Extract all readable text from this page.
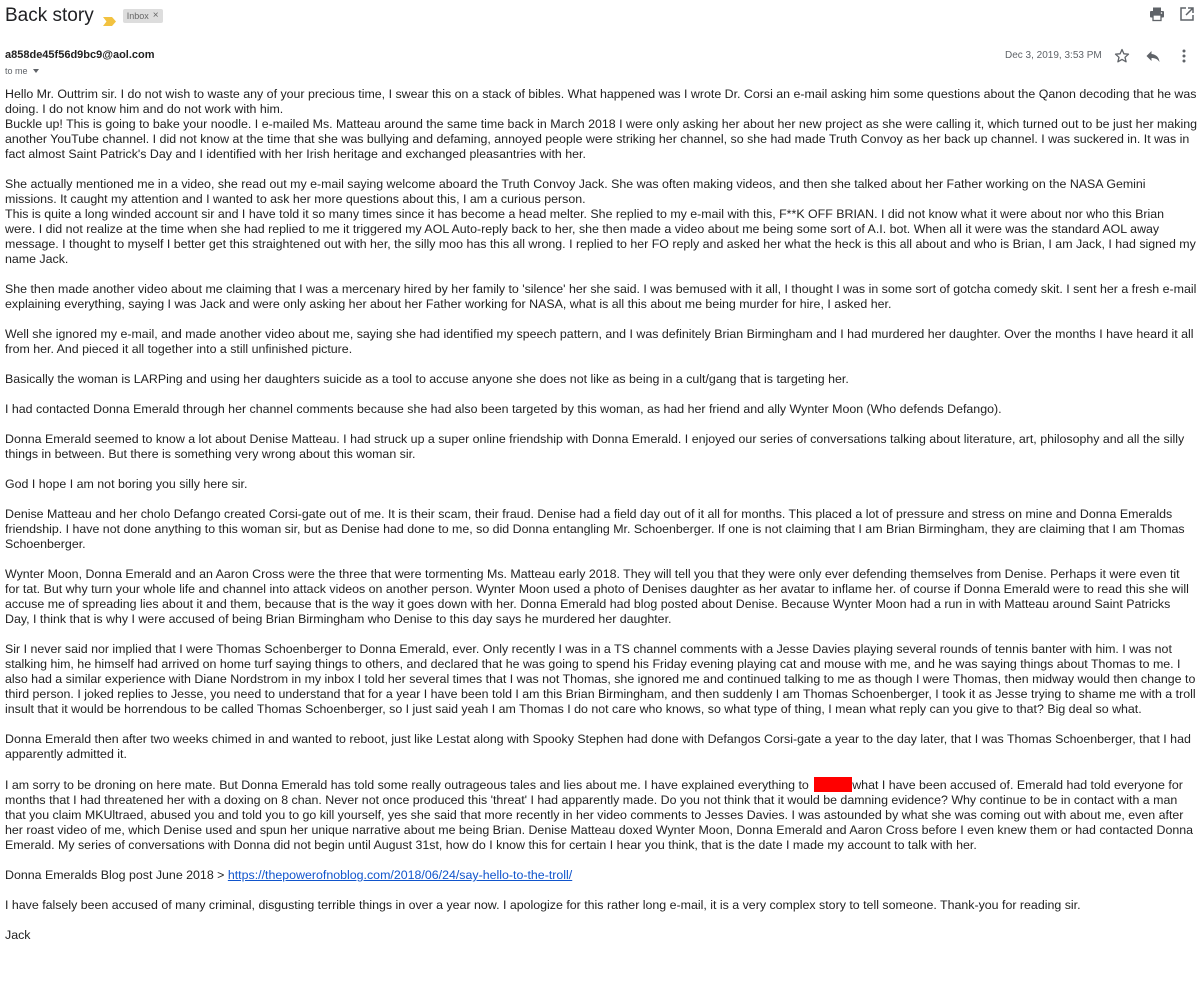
Back story	Inbox ×
a858de45f56d9bc9@aol.com
to me
Dec 3, 2019, 3:53 PM

Hello Mr. Outtrim sir. I do not wish to waste any of your precious time, I swear this on a stack of bibles. What happened was I wrote Dr. Corsi an e-mail asking him some questions about the Qanon decoding that he was doing. I do not know him and do not work with him.

Buckle up! This is going to bake your noodle. I e-mailed Ms. Matteau around the same time back in March 2018 I were only asking her about her new project as she were calling it, which turned out to be just her making another YouTube channel. I did not know at the time that she was bullying and defaming, annoyed people were striking her channel, so she had made Truth Convoy as her back up channel. I was suckered in. It was in fact almost Saint Patrick's Day and I identified with her Irish heritage and exchanged pleasantries with her.

She actually mentioned me in a video, she read out my e-mail saying welcome aboard the Truth Convoy Jack. She was often making videos, and then she talked about her Father working on the NASA Gemini missions. It caught my attention and I wanted to ask her more questions about this, I am a curious person.

This is quite a long winded account sir and I have told it so many times since it has become a head melter. She replied to my e-mail with this, F**K OFF BRIAN. I did not know what it were about nor who this Brian were. I did not realize at the time when she had replied to me it triggered my AOL Auto-reply back to her, she then made a video about me being some sort of A.I. bot. When all it were was the standard AOL away message. I thought to myself I better get this straightened out with her, the silly moo has this all wrong. I replied to her FO reply and asked her what the heck is this all about and who is Brian, I am Jack, I had signed my name Jack.

She then made another video about me claiming that I was a mercenary hired by her family to 'silence' her she said. I was bemused with it all, I thought I was in some sort of gotcha comedy skit. I sent her a fresh e-mail explaining everything, saying I was Jack and were only asking her about her Father working for NASA, what is all this about me being murder for hire, I asked her.

Well she ignored my e-mail, and made another video about me, saying she had identified my speech pattern, and I was definitely Brian Birmingham and I had murdered her daughter. Over the months I have heard it all from her. And pieced it all together into a still unfinished picture.

Basically the woman is LARPing and using her daughters suicide as a tool to accuse anyone she does not like as being in a cult/gang that is targeting her.

I had contacted Donna Emerald through her channel comments because she had also been targeted by this woman, as had her friend and ally Wynter Moon (Who defends Defango).

Donna Emerald seemed to know a lot about Denise Matteau. I had struck up a super online friendship with Donna Emerald. I enjoyed our series of conversations talking about literature, art, philosophy and all the silly things in between. But there is something very wrong about this woman sir.

God I hope I am not boring you silly here sir.

Denise Matteau and her cholo Defango created Corsi-gate out of me. It is their scam, their fraud. Denise had a field day out of it all for months. This placed a lot of pressure and stress on mine and Donna Emeralds friendship. I have not done anything to this woman sir, but as Denise had done to me, so did Donna entangling Mr. Schoenberger. If one is not claiming that I am Brian Birmingham, they are claiming that I am Thomas Schoenberger.

Wynter Moon, Donna Emerald and an Aaron Cross were the three that were tormenting Ms. Matteau early 2018. They will tell you that they were only ever defending themselves from Denise. Perhaps it were even tit for tat. But why turn your whole life and channel into attack videos on another person. Wynter Moon used a photo of Denises daughter as her avatar to inflame her. of course if Donna Emerald were to read this she will accuse me of spreading lies about it and them, because that is the way it goes down with her. Donna Emerald had blog posted about Denise. Because Wynter Moon had a run in with Matteau around Saint Patricks Day, I think that is why I were accused of being Brian Birmingham who Denise to this day says he murdered her daughter.

Sir I never said nor implied that I were Thomas Schoenberger to Donna Emerald, ever. Only recently I was in a TS channel comments with a Jesse Davies playing several rounds of tennis banter with him. I was not stalking him, he himself had arrived on home turf saying things to others, and declared that he was going to spend his Friday evening playing cat and mouse with me, and he was saying things about Thomas to me. I also had a similar experience with Diane Nordstrom in my inbox I told her several times that I was not Thomas, she ignored me and continued talking to me as though I were Thomas, then midway would then change to third person. I joked replies to Jesse, you need to understand that for a year I have been told I am this Brian Birmingham, and then suddenly I am Thomas Schoenberger, I took it as Jesse trying to shame me with a troll insult that it would be horrendous to be called Thomas Schoenberger, so I just said yeah I am Thomas I do not care who knows, so what type of thing, I mean what reply can you give to that? Big deal so what.

Donna Emerald then after two weeks chimed in and wanted to reboot, just like Lestat along with Spooky Stephen had done with Defangos Corsi-gate a year to the day later, that I was Thomas Schoenberger, that I had apparently admitted it.

I am sorry to be droning on here mate. But Donna Emerald has told some really outrageous tales and lies about me. I have explained everything to	what I have been accused of. Emerald had told everyone for months that I had threatened her with a doxing on 8 chan. Never not once produced this 'threat' I had apparently made. Do you not think that it would be damning evidence? Why continue to be in contact with a man that you claim MKUltraed, abused you and told you to go kill yourself, yes she said that more recently in her video comments to Jesses Davies. I was astounded by what she was coming out with about me, even after her roast video of me, which Denise used and spun her unique narrative about me being Brian. Denise Matteau doxed Wynter Moon, Donna Emerald and Aaron Cross before I even knew them or had contacted Donna Emerald. My series of conversations with Donna did not begin until August 31st, how do I know this for certain I hear you think, that is the date I made my account to talk with her.

Donna Emeralds Blog post June 2018 > https://thepowerofnoblog.com/2018/06/24/say-hello-to-the-troll/

I have falsely been accused of many criminal, disgusting terrible things in over a year now. I apologize for this rather long e-mail, it is a very complex story to tell someone. Thank-you for reading sir.

Jack
